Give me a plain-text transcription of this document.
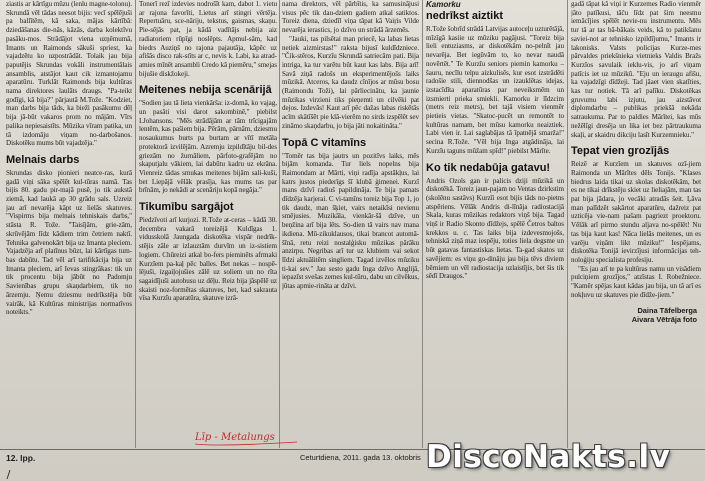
ziastis ar kārtīgu mūzu (lenlu magne-tolonu). Skrundā vēl tādas neesot bijis: vecī spēlējuši pa ballītēm, kā saka, mājas kārtībā: dziedāšanas die-nās, kāzās, darba kolektīvu pasāku-mos. Strādājot viena uzņēmumā, Imants un Raimonds sākuši spriest, ka vajadzētu ko uzpostrādāt. Tolaik jau bija paputējis Skrundas vokāli instrumentālais ansamblis, atstājot kaut cik izmantojamu aparatūru. Turklāt Raimonds bija kultūras nama direktores laulāts draugs. "Pa-teikt godīgi, kā bija?" pārjautā M.Tože. "Kodziet, man darbs bija tāds, ka bieži pasākumu dēļ bija jā-būt vakaros prom no mājām. Vīrs palika nepiesaistīts. Mūzika vīram patika, un tā izdomāju viņam no-darbošanos. Diskotēku mums būt vajadzēja."

Melnais darbs

Skrundas disko pionieri neatce-ras, kurā gadā viņi sāka spēlēt kul-tūras namā. Tas bijis 80. gadu pir-majā pusē, jo tik aukstā ziemā, kad laukā ap 30 grādu sals. Uzreiz jau arī nevarēja kāpt uz lielās skatuves. "Vispirms bija melnais tehniskais darbs," stāsta R. Tože. "Taisījām, grie-zām, skrūvējām līdz kādiem trim četriem naktī. Tehnika galvenokārt bija uz Imanta pleciem. Vajadzēja arī platīnus būzt, lai kārtīgas tum-bas dabūtu. Tad vēl arī tarifikācija bija uz Imanta pleciem, arī Ievas stingrākas: tik un tik procentu bija jābūt no Padomju Savienības grupu skaņdarbiem, tik no ārzemju. Ņemu dziesmu nedrīkstēja būt vairāk, kā Kultūras ministrijas normatīvos noteikts."

Tonerī rezī izdevies nodrošīt kam, dabot 1. vietu ar rajona favorīti, Lietus arī stingri vērtēja. Repertuāru, sce-nāriju, tekstus, gaismas, skaņu. Pie-sējās pat, ja kādā vadītājs nebija aiz radiatoriem rūpīgi noslēpts. Apmul-sām, kad biedrs Auziņš no rajona pajautāja, kāpēc uz afišās disco rak-stīts ar c, nevis k. Labi, ka atrad-amies mīnēt ansambli Credo kā piemēru," smejas bijušie diskžokeji.

Meitenes nebija scenārijā

"Sodien jau tā lieta vienkārša: iz-domā, ko vajag, un pasāti visi darot sakombinē," piebilst I.Johansons. "Mēs strādājām ar tām trīcigajām lentēm, kas pašiem bija. Pērām, pārnām, dziesmu nosaukumus burts pa burtam ar vītī metāla protektorā izvilējām. Azremju izpildītāju bil-des griezām no žurnāliem, pārfoto-grafējām no skaputjalu vākiem, lai dabūtu kadru uz ekrāna. Vienreiz tādas smukas meitenes bijām sali-kuši, bet Liepājā vēlāk prasīja, kas mums tas par brīnām, jo nekādi ar scenāriju kopā negāja."

Tikumību sargājot

Piedzīvoti arī kurjozi. R.Tože at-ceras – kādā 30. decembra vakarā toreizējā Kuldīgas 1. vidusskolā Jaungada diskotēka vispār nedrīk-stējis zāle ar izlauztām durvīm un iz-sistiem logiem. Chūreizi atkal bo-fers pieminēts afrmaki Kurzīem pa-kaļ pēc balles. Bet nekas – nospē-lējuši, izgaiļojušies zālē uz soliem un no rīta sagaidījuši autobusu uz dēļu. Reiz bija jāspēlē uz skaisti noz-formētas skatuves, bet, kad sakrauta vīsa Kurzīu aparatūra, skatuve izrā-

nama direktors, vēl pārbītis, ka samusinājusi visus pēc tik dau-dziem gadiem atkal satiktos. Toreiz diena, dziedīl viņa tāpat kā Vaiŗis Vilde nevarēja ierastics, jo dzīvo un strādā ārzemēs.

"Jauki, tas pilsētai man priecē, ka labas lietas netiek aizmirstas!" raksta bijusī kuldīdzniece. "Čik-stēros, Kurzīu Skrundā satriecām pati. Bija intriga, ka tur varētu būt kaut kas labs. Bija arī! Savā ziņā radošs un eksperimentējošs laiks mūzikā. Atceros, ka daudz cīnījos ar mūsu bosu (Raimondu Toži), lai pārliecinātu, ka jaunie mūzikas virzieni tiks pieņemti un cilvēki pat dejos. Izdevās! Kaut arī pēc dažas labas riskētās acīm skātīšēt pie klā-vierēm no sirds izspēlēt sev zināmo skaņdarbu, jo bija jāti nokaitināta."

Topā C vitamīns

"Tomēr tas bija jautrs un pozitīvs laiks, mēs bijām komanda. Tur liels nopelns bija Raimondam ar Mārti, viņi radīja apstākļus, lai katrs justos piederīgs šī klubā ģimenei. Kurzī mans dzīvī radiuš papildināja. Te bija pamats dīdzēja karjerai. C vi-tamīns toreiz bija Top 1, jo tik daudz, man šķiet, vairs netaikīsi nevienu smējusies. Muzikāla, vienkār-šā dzīve, un beņžina arī bija lēts. So-dien tā vairs nav mana ikdiena. Mū-zikuklausos, tikai brancot automā-šīnā, retu reizi nostalģisku mūzikas pārāku anzirpu. Negribas arī tur uz klubiem vai sekot līdzi aktuālitēm singliem. Tagad izvēlos mūziku ti-kai sev." Jau sesto gadu Inga dzīvo Anglijā, iepazīst svešas zemes kul-tūru, dabu un cilvēkus, jūtas apmie-rināta ar dzīvi.

Kamorku
nedrīkst aiztikt

R.Tože šobrīd strādā Latvijas autoceļu uzturētājā, mīzīgā kasiie uz mūziku pagājusi. "Toreiz bija lieli entuziasms, ar diskotēkām no-pelnīt jau nevarēja. Bet iegūvām to, ko nevar naudā novērtēt." Te Kurzīu seniors piemin kamorku – šauru, necīlu telpu aizkulisēs, kur esot izstrādēti radošie stili, diennodšas un izauklētas idejas, izstacīdīta aparatūras par neveiksmēm un izsmierti prieka smiekli. Kamorku ir līdzcim (metrs reiz metrs), bet tajā visiem vienmēr pietieis vietas. "Skatoc-pucēt un remontēt to kultūras namam, bet mūsu kamorku neaiztiek. Labi vien ir. Lai saglabājas tā īpatnējā smarža!" secina R.Tože. "Vēl bija Inga atgādināja, lai Kurzīu taguns mūžam spīd!" piebilst Mārīte.

Ko tik nedabūja gatavu!

Andris Ozols gan ir palicis dziji mūzikā un diskotēkā. Toreiz jaun-pajam no Ventas dzirkstim (skolēnu sastāvs) Kurzīi esot bijis tāds no-pietns atspēriens. Vēlāk Andris di-līnāja radiostacijā Skala, kuras mūzikas redaktors viņš bija. Tagad viņš ir Radio Skonto dīdžejs, spēlē Četros baltos krekkos u. c. Tas laiks bija izdevesmojošs, tehniskā ziņā maz iespēju, toties liela degsme un būt gatavas fantastiskas lietas. Ta-gad skatos uz savējiem: es viņu go-dināju jau bija tēvs diviem bērniem un vēl radiostacija uzlaistījis, bet šis tik sēdī Draugos."

gadā tāpat kā viņi ir Kurzemes Radio vienmēr jāto patīkusi, tāču līdz pat šim neesmu iemācījies spēlēt nevie-nu instrumentu. Mēs tur tā ar tas bā-bākais veids, kā to patikšanu saviei-not ar tehnisko izpildījumu," Imants ir lakonisks. Valsts policijas Kurze-mes pārvaldes priekšnieka vietnieks Valdis Bražs Kurzīos savulaik ieklu-vis, jo arī viņam patīcis iet uz mūzikū. "Eju un ieraugu afišu, ka vajadzīgi dīdžeji. Tad jāaet vien skatīties, kas tur notiek. Tā arī palīku. Diskotēkas gruvumu labi izjutu, jau aizstāvot diplomdarbu – publikas priekšā nekāda satraukuma. Par to paldies Mārītei, kas mūs nežēlīgi dresēja un lika iet bez pārtraukuma skaļi, ar skaidru dikciju lasīt Kurzemnieku."

Tepat vien grozījās

Reizē ar Kurzīem un skatuves ozī-jiem Raimonda un Mārītes dēls Tonijs. "Klases biedrus laida tikai uz skolas diskotēkām, bet es ne tikai drīkstēju skiet uz lieliajām, man tas pat bija jādara, jo vecāki atradās šeit. Ļāva man palīdzēt sakārtot aparatūru, dažreiz pat uzticēja vie-nam pašam pagriezt proektoru. Vēlāk arī pirmo stundu aljava no-spēlēt! Nu tas bija kaut kas! Nāca lielās meitenes, un es varēju viņām likt mūziku!" Iespējams, diskotēka Tonijā ievirzījusi informācijas teh-noloģiju specialista profesiju.

"Es jau arī te pa kultūras namu un visādiem pulciņiem grozījos," atzīstas I. Robežniece. "Kamēr spējas kaut kādas jau bija, un tā arī es nokļuvu uz skatuves pie dīdže-jiem."

Daina Tāfelberga
Aivara Vētrāja foto
Līp - Metalungs
12. lpp.	Ceturtdiena, 2011. gada 13. oktobris DiscoNakts.lv
